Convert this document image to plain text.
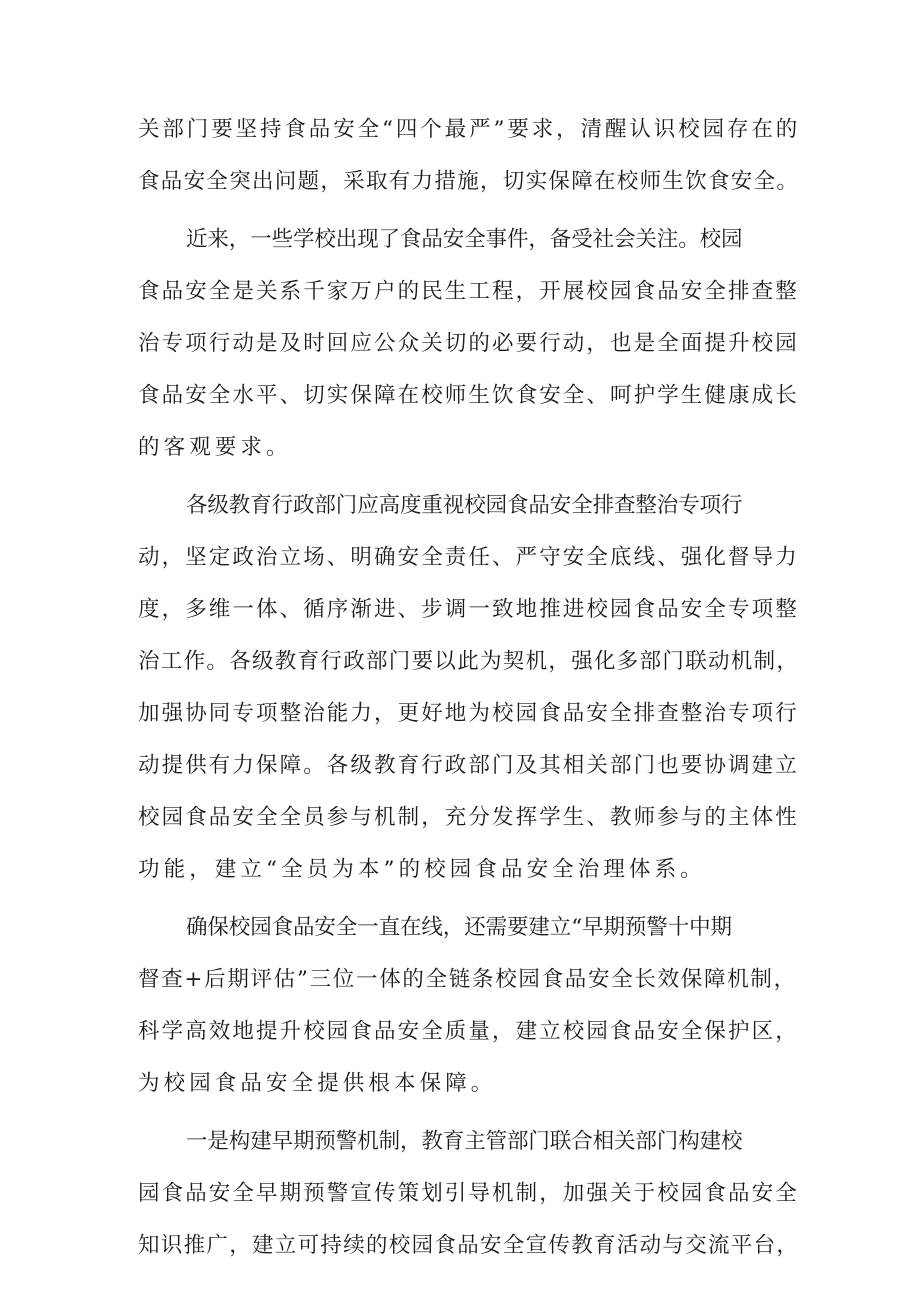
关部门要坚持食品安全“四个最严”要求，清醒认识校园存在的
食品安全突出问题，采取有力措施，切实保障在校师生饮食安全。
近来，一些学校出现了食品安全事件，备受社会关注。校园
食品安全是关系千家万户的民生工程，开展校园食品安全排查整
治专项行动是及时回应公众关切的必要行动，也是全面提升校园
食品安全水平、切实保障在校师生饮食安全、呵护学生健康成长
的客观要求。
各级教育行政部门应高度重视校园食品安全排查整治专项行
动，坚定政治立场、明确安全责任、严守安全底线、强化督导力
度，多维一体、循序渐进、步调一致地推进校园食品安全专项整
治工作。各级教育行政部门要以此为契机，强化多部门联动机制，
加强协同专项整治能力，更好地为校园食品安全排查整治专项行
动提供有力保障。各级教育行政部门及其相关部门也要协调建立
校园食品安全全员参与机制，充分发挥学生、教师参与的主体性
功能，建立“全员为本”的校园食品安全治理体系。
确保校园食品安全一直在线，还需要建立“早期预警十中期
督查+后期评估”三位一体的全链条校园食品安全长效保障机制，
科学高效地提升校园食品安全质量，建立校园食品安全保护区，
为校园食品安全提供根本保障。
一是构建早期预警机制，教育主管部门联合相关部门构建校
园食品安全早期预警宣传策划引导机制，加强关于校园食品安全
知识推广，建立可持续的校园食品安全宣传教育活动与交流平台，
